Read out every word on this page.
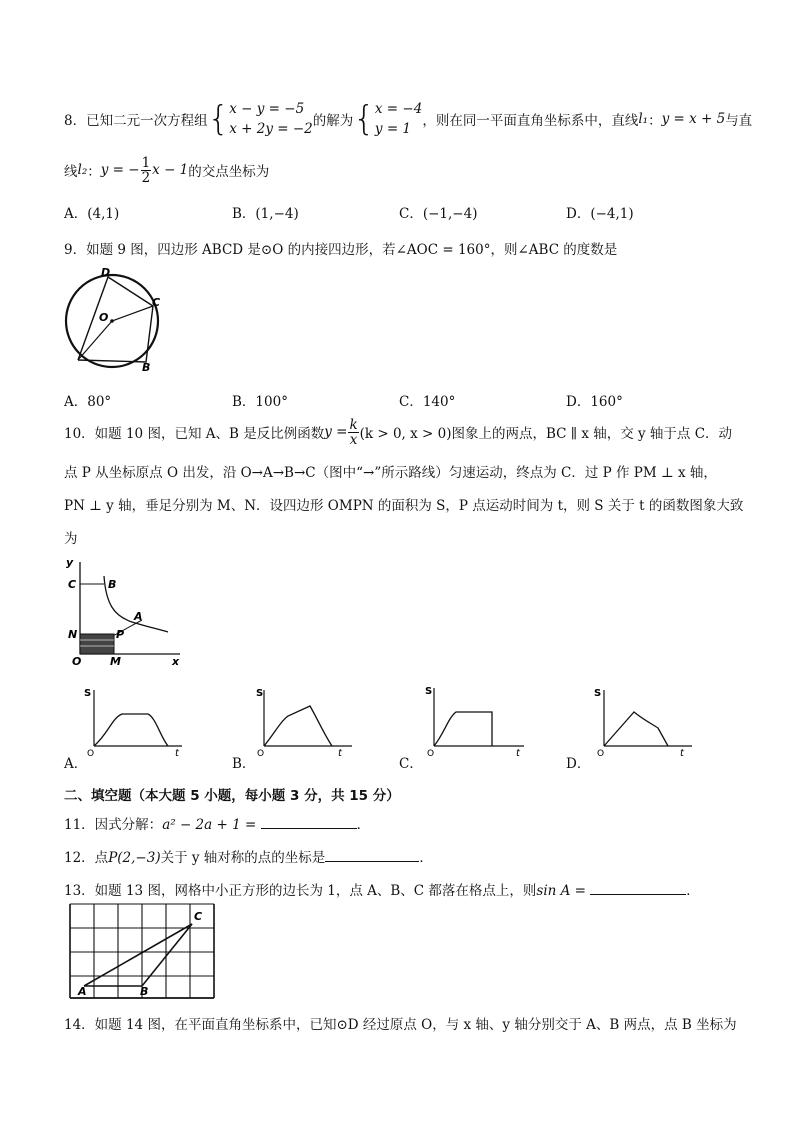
8． 已知二元一次方程组 { x − y = −5
x + 2y = −2 的解为 { x = −4
y = 1 ，则在同一平面直角坐标系中，直线 l₁ ： y = x + 5 与直
线 l₂ ： y = − $\frac{1}{2}$ x − 1 的交点坐标为
A．(4,1)	B．(1,−4)	C．(−1,−4)	D．(−4,1)
9．如题 9 图，四边形 ABCD 是⊙O 的内接四边形，若∠AOC = 160°，则∠ABC 的度数是
D
C
O
B
A．80°	B．100°	C．140°	D．160°
10．如题 10 图，已知 A、B 是反比例函数 $y = \frac{k}{x} (k > 0$, x > 0)图象上的两点，BC ∥ x 轴，交 y 轴于点 C．动
点 P 从坐标原点 O 出发，沿 O→A→B→C（图中“→”所示路线）匀速运动，终点为 C．过 P 作 PM ⊥ x 轴，
PN ⊥ y 轴，垂足分别为 M、N．设四边形 OMPN 的面积为 S，P 点运动时间为 t，则 S 关于 t 的函数图象大致
为
y
C	B
A
N	P
O	M	x
S
O	t
S
O	t
S
O	t
S
O	t
A．	B．	C．	D．
二、填空题（本大题 5 小题，每小题 3 分，共 15 分）
11．因式分解：a² − 2a + 1 =	．
12．点P(2,−3)关于 y 轴对称的点的坐标是	．
13．如题 13 图，网格中小正方形的边长为 1，点 A、B、C 都落在格点上，则sin A =	．
A	B
C
14．如题 14 图，在平面直角坐标系中，已知⊙D 经过原点 O，与 x 轴、y 轴分别交于 A、B 两点，点 B 坐标为
